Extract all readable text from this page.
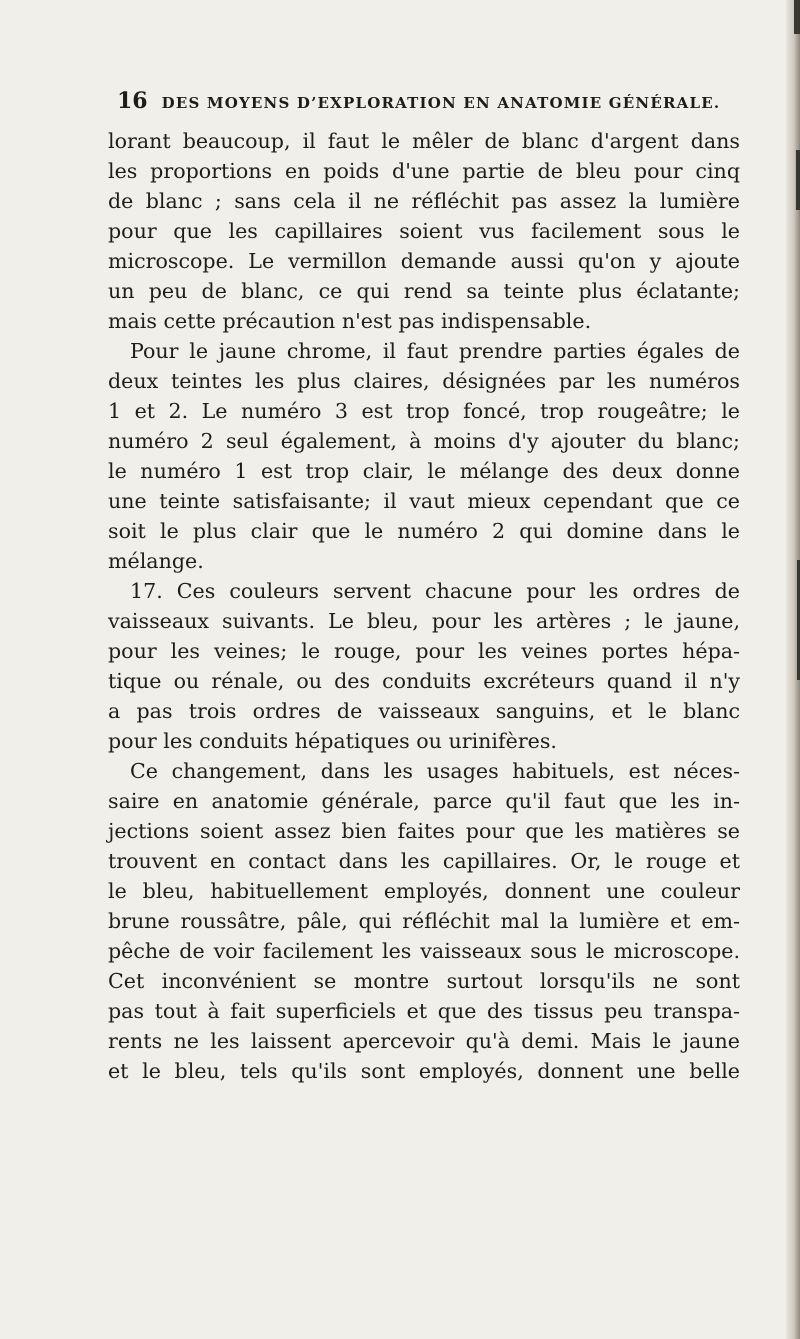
16 DES MOYENS D’EXPLORATION EN ANATOMIE GÉNÉRALE.
lorant beaucoup, il faut le mêler de blanc d'argent dans
les proportions en poids d'une partie de bleu pour cinq
de blanc ; sans cela il ne réfléchit pas assez la lumière
pour que les capillaires soient vus facilement sous le
microscope. Le vermillon demande aussi qu'on y ajoute
un peu de blanc, ce qui rend sa teinte plus éclatante;
mais cette précaution n'est pas indispensable.
Pour le jaune chrome, il faut prendre parties égales de
deux teintes les plus claires, désignées par les numéros
1 et 2. Le numéro 3 est trop foncé, trop rougeâtre; le
numéro 2 seul également, à moins d'y ajouter du blanc;
le numéro 1 est trop clair, le mélange des deux donne
une teinte satisfaisante; il vaut mieux cependant que ce
soit le plus clair que le numéro 2 qui domine dans le
mélange.
17. Ces couleurs servent chacune pour les ordres de
vaisseaux suivants. Le bleu, pour les artères ; le jaune,
pour les veines; le rouge, pour les veines portes hépa-
tique ou rénale, ou des conduits excréteurs quand il n'y
a pas trois ordres de vaisseaux sanguins, et le blanc
pour les conduits hépatiques ou urinifères.
Ce changement, dans les usages habituels, est néces-
saire en anatomie générale, parce qu'il faut que les in-
jections soient assez bien faites pour que les matières se
trouvent en contact dans les capillaires. Or, le rouge et
le bleu, habituellement employés, donnent une couleur
brune roussâtre, pâle, qui réfléchit mal la lumière et em-
pêche de voir facilement les vaisseaux sous le microscope.
Cet inconvénient se montre surtout lorsqu'ils ne sont
pas tout à fait superficiels et que des tissus peu transpa-
rents ne les laissent apercevoir qu'à demi. Mais le jaune
et le bleu, tels qu'ils sont employés, donnent une belle
